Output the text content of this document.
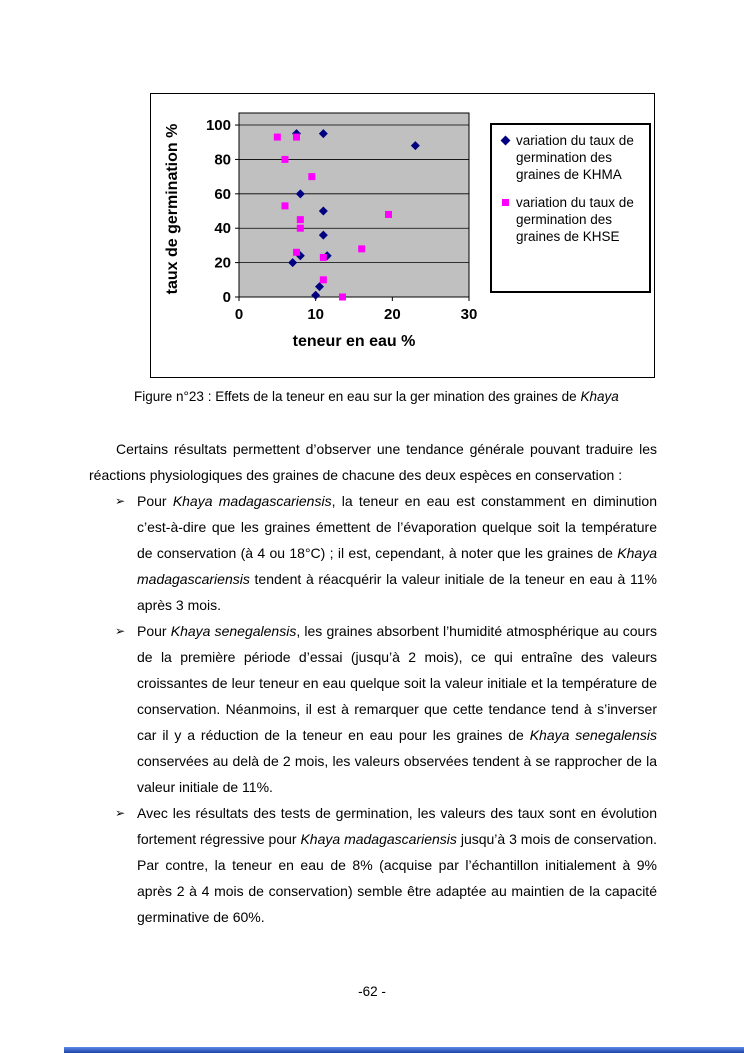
0
20
40
60
80
100
0	10	20	30
taux de germination %
teneur en eau %
variation du taux de germination des graines de KHMA
variation du taux de germination des graines de KHSE
Figure n°23 : Effets de la teneur en eau sur la ger mination des graines de Khaya

Certains résultats permettent d’observer une tendance générale pouvant traduire les réactions physiologiques des graines de chacune des deux espèces en conservation :

➢ Pour Khaya madagascariensis, la teneur en eau est constamment en diminution c’est-à-dire que les graines émettent de l’évaporation quelque soit la température de conservation (à 4 ou 18°C) ; il est, cependant, à noter que les graines de Khaya madagascariensis tendent à réacquérir la valeur initiale de la teneur en eau à 11% après 3 mois.
➢ Pour Khaya senegalensis, les graines absorbent l’humidité atmosphérique au cours de la première période d’essai (jusqu’à 2 mois), ce qui entraîne des valeurs croissantes de leur teneur en eau quelque soit la valeur initiale et la température de conservation. Néanmoins, il est à remarquer que cette tendance tend à s’inverser car il y a réduction de la teneur en eau pour les graines de Khaya senegalensis conservées au delà de 2 mois, les valeurs observées tendent à se rapprocher de la valeur initiale de 11%.
➢ Avec les résultats des tests de germination, les valeurs des taux sont en évolution fortement régressive pour Khaya madagascariensis jusqu’à 3 mois de conservation. Par contre, la teneur en eau de 8% (acquise par l’échantillon initialement à 9% après 2 à 4 mois de conservation) semble être adaptée au maintien de la capacité germinative de 60%.
-62 -
